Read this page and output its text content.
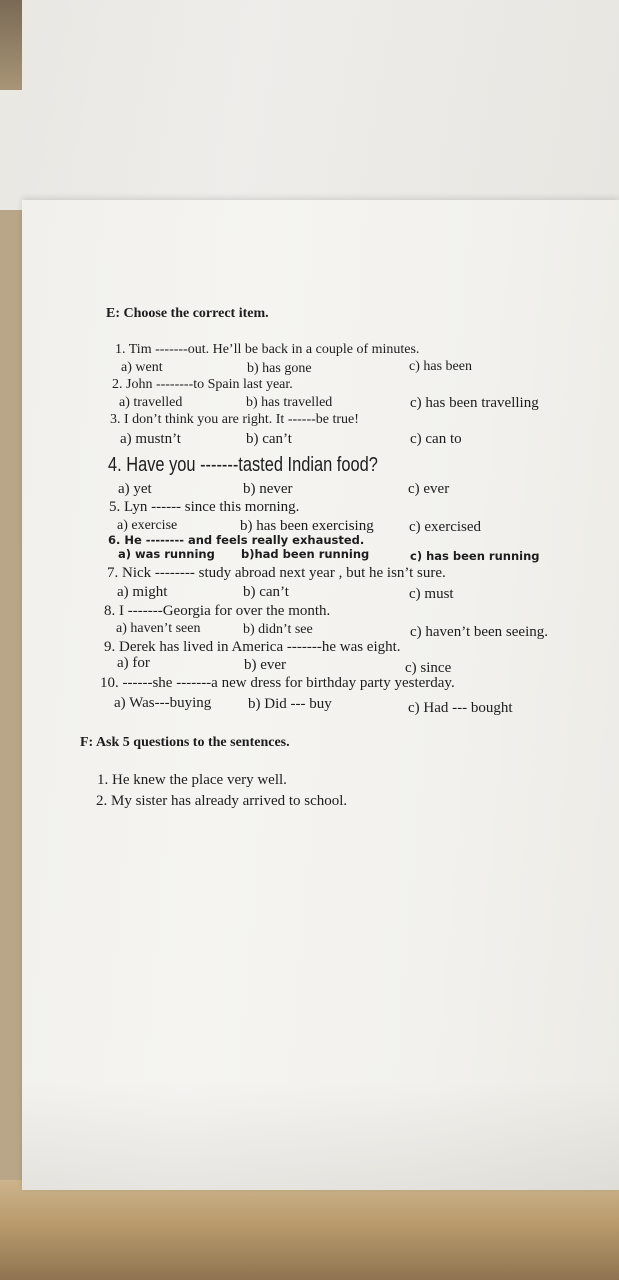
E: Choose the correct item.
1. Tim -------out. He’ll be back in a couple of minutes.
a) went	b) has gone	c) has been
2. John --------to Spain last year.
a) travelled	b) has travelled	c) has been travelling
3. I don’t think you are right. It ------be true!
a) mustn’t	b) can’t	c) can to
4. Have you -------tasted Indian food?
a) yet	b) never	c) ever
5. Lyn ------ since this morning.
a) exercise	b) has been exercising c) exercised
6. He -------- and feels really exhausted.
a) was running b)had been running	c) has been running
7. Nick -------- study abroad next year , but he isn’t sure.
a) might	b) can’t	c) must
8. I -------Georgia for over the month.
a) haven’t seen	b) didn’t see	c) haven’t been seeing.
9. Derek has lived in America -------he was eight.
a) for	b) ever	c) since
10. ------she -------a new dress for birthday party yesterday.
a) Was---buying b) Did --- buy	c) Had --- bought
F: Ask 5 questions to the sentences.
1. He knew the place very well.
2. My sister has already arrived to school.
